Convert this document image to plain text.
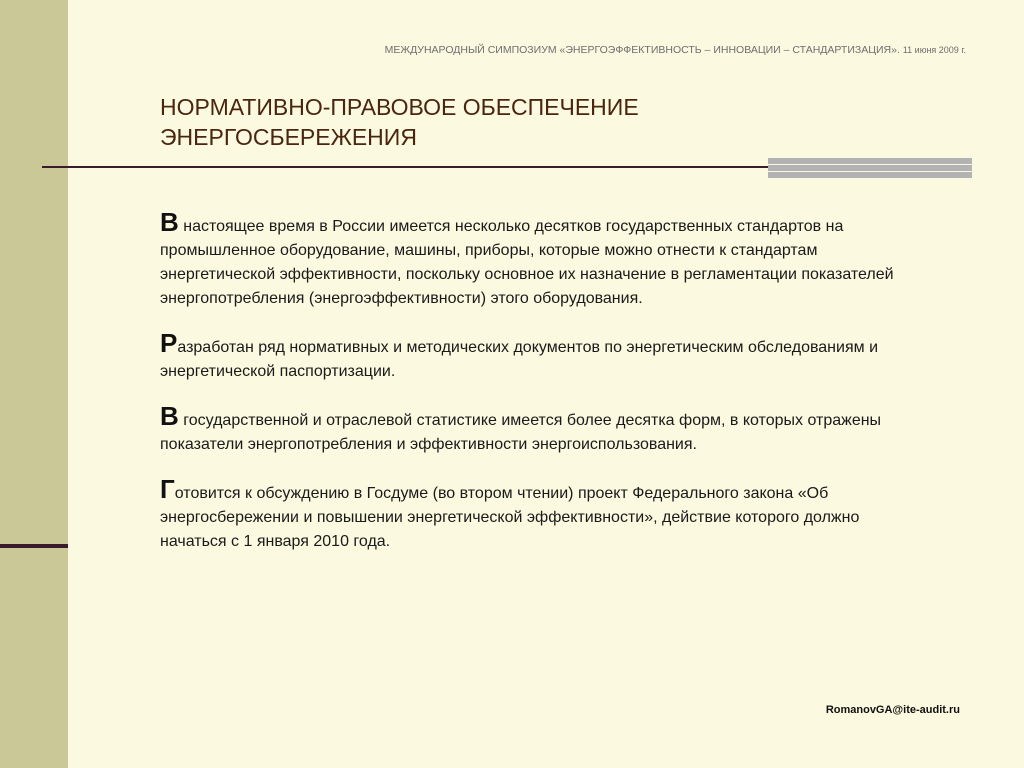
МЕЖДУНАРОДНЫЙ СИМПОЗИУМ «ЭНЕРГОЭФФЕКТИВНОСТЬ – ИННОВАЦИИ – СТАНДАРТИЗАЦИЯ». 11 июня 2009 г.
НОРМАТИВНО-ПРАВОВОЕ ОБЕСПЕЧЕНИЕ
ЭНЕРГОСБЕРЕЖЕНИЯ

В настоящее время в России имеется несколько десятков государственных стандартов на промышленное оборудование, машины, приборы, которые можно отнести к стандартам энергетической эффективности, поскольку основное их назначение в регламентации показателей энергопотребления (энергоэффективности) этого оборудования.

Разработан ряд нормативных и методических документов по энергетическим обследованиям и энергетической паспортизации.

В государственной и отраслевой статистике имеется более десятка форм, в которых отражены показатели энергопотребления и эффективности энергоиспользования.

Готовится к обсуждению в Госдуме (во втором чтении) проект Федерального закона «Об энергосбережении и повышении энергетической эффективности», действие которого должно начаться с 1 января 2010 года.

RomanovGA@ite-audit.ru
